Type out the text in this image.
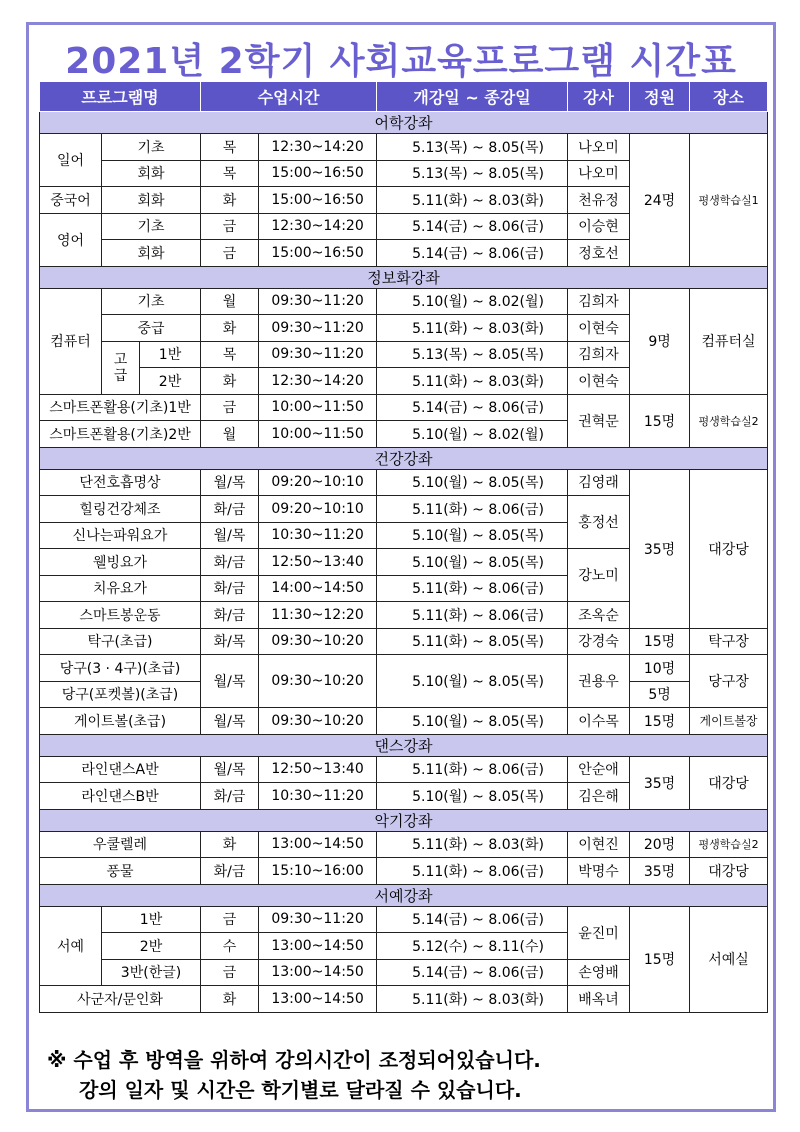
2021년 2학기 사회교육프로그램 시간표
프로그램명			수업시간		개강일 ~ 종강일	강사	정원	장소
어학강좌								
일어	기초		목	12:30~14:20	5.13(목) ~ 8.05(목)	나오미	24명	평생학습실1
	회화		목	15:00~16:50	5.13(목) ~ 8.05(목)	나오미		
중국어	회화		화	15:00~16:50	5.11(화) ~ 8.03(화)	천유정		
영어	기초		금	12:30~14:20	5.14(금) ~ 8.06(금)	이승현		
	회화		금	15:00~16:50	5.14(금) ~ 8.06(금)	정호선		
정보화강좌								
컴퓨터	기초		월	09:30~11:20	5.10(월) ~ 8.02(월)	김희자	9명	컴퓨터실
	중급		화	09:30~11:20	5.11(화) ~ 8.03(화)	이현숙		
	고급	1반	목	09:30~11:20	5.13(목) ~ 8.05(목)	김희자		
		2반	화	12:30~14:20	5.11(화) ~ 8.03(화)	이현숙		
스마트폰활용(기초)1반			금	10:00~11:50	5.14(금) ~ 8.06(금)	권혁문	15명	평생학습실2
스마트폰활용(기초)2반			월	10:00~11:50	5.10(월) ~ 8.02(월)			
건강강좌								
단전호흡명상			월/목	09:20~10:10	5.10(월) ~ 8.05(목)	김영래	35명	대강당
힐링건강체조			화/금	09:20~10:10	5.11(화) ~ 8.06(금)	홍정선		
신나는파워요가			월/목	10:30~11:20	5.10(월) ~ 8.05(목)			
웰빙요가			화/금	12:50~13:40	5.10(월) ~ 8.05(목)	강노미		
치유요가			화/금	14:00~14:50	5.11(화) ~ 8.06(금)			
스마트봉운동			화/금	11:30~12:20	5.11(화) ~ 8.06(금)	조옥순		
탁구(초급)			화/목	09:30~10:20	5.11(화) ~ 8.05(목)	강경숙	15명	탁구장
당구(3 · 4구)(초급)			월/목	09:30~10:20	5.10(월) ~ 8.05(목)	권용우	10명	당구장
당구(포켓볼)(초급)							5명	
게이트볼(초급)			월/목	09:30~10:20	5.10(월) ~ 8.05(목)	이수목	15명	게이트볼장
댄스강좌								
라인댄스A반			월/목	12:50~13:40	5.11(화) ~ 8.06(금)	안순애	35명	대강당
라인댄스B반			화/금	10:30~11:20	5.10(월) ~ 8.05(목)	김은해		
악기강좌								
우쿨렐레			화	13:00~14:50	5.11(화) ~ 8.03(화)	이현진	20명	평생학습실2
풍물			화/금	15:10~16:00	5.11(화) ~ 8.06(금)	박명수	35명	대강당
서예강좌								
서예	1반		금	09:30~11:20	5.14(금) ~ 8.06(금)	윤진미	15명	서예실
	2반		수	13:00~14:50	5.12(수) ~ 8.11(수)			
	3반(한글)		금	13:00~14:50	5.14(금) ~ 8.06(금)	손영배		
사군자/문인화			화	13:00~14:50	5.11(화) ~ 8.03(화)	배옥녀		
※ 수업 후 방역을 위하여 강의시간이 조정되어있습니다.
강의 일자 및 시간은 학기별로 달라질 수 있습니다.
